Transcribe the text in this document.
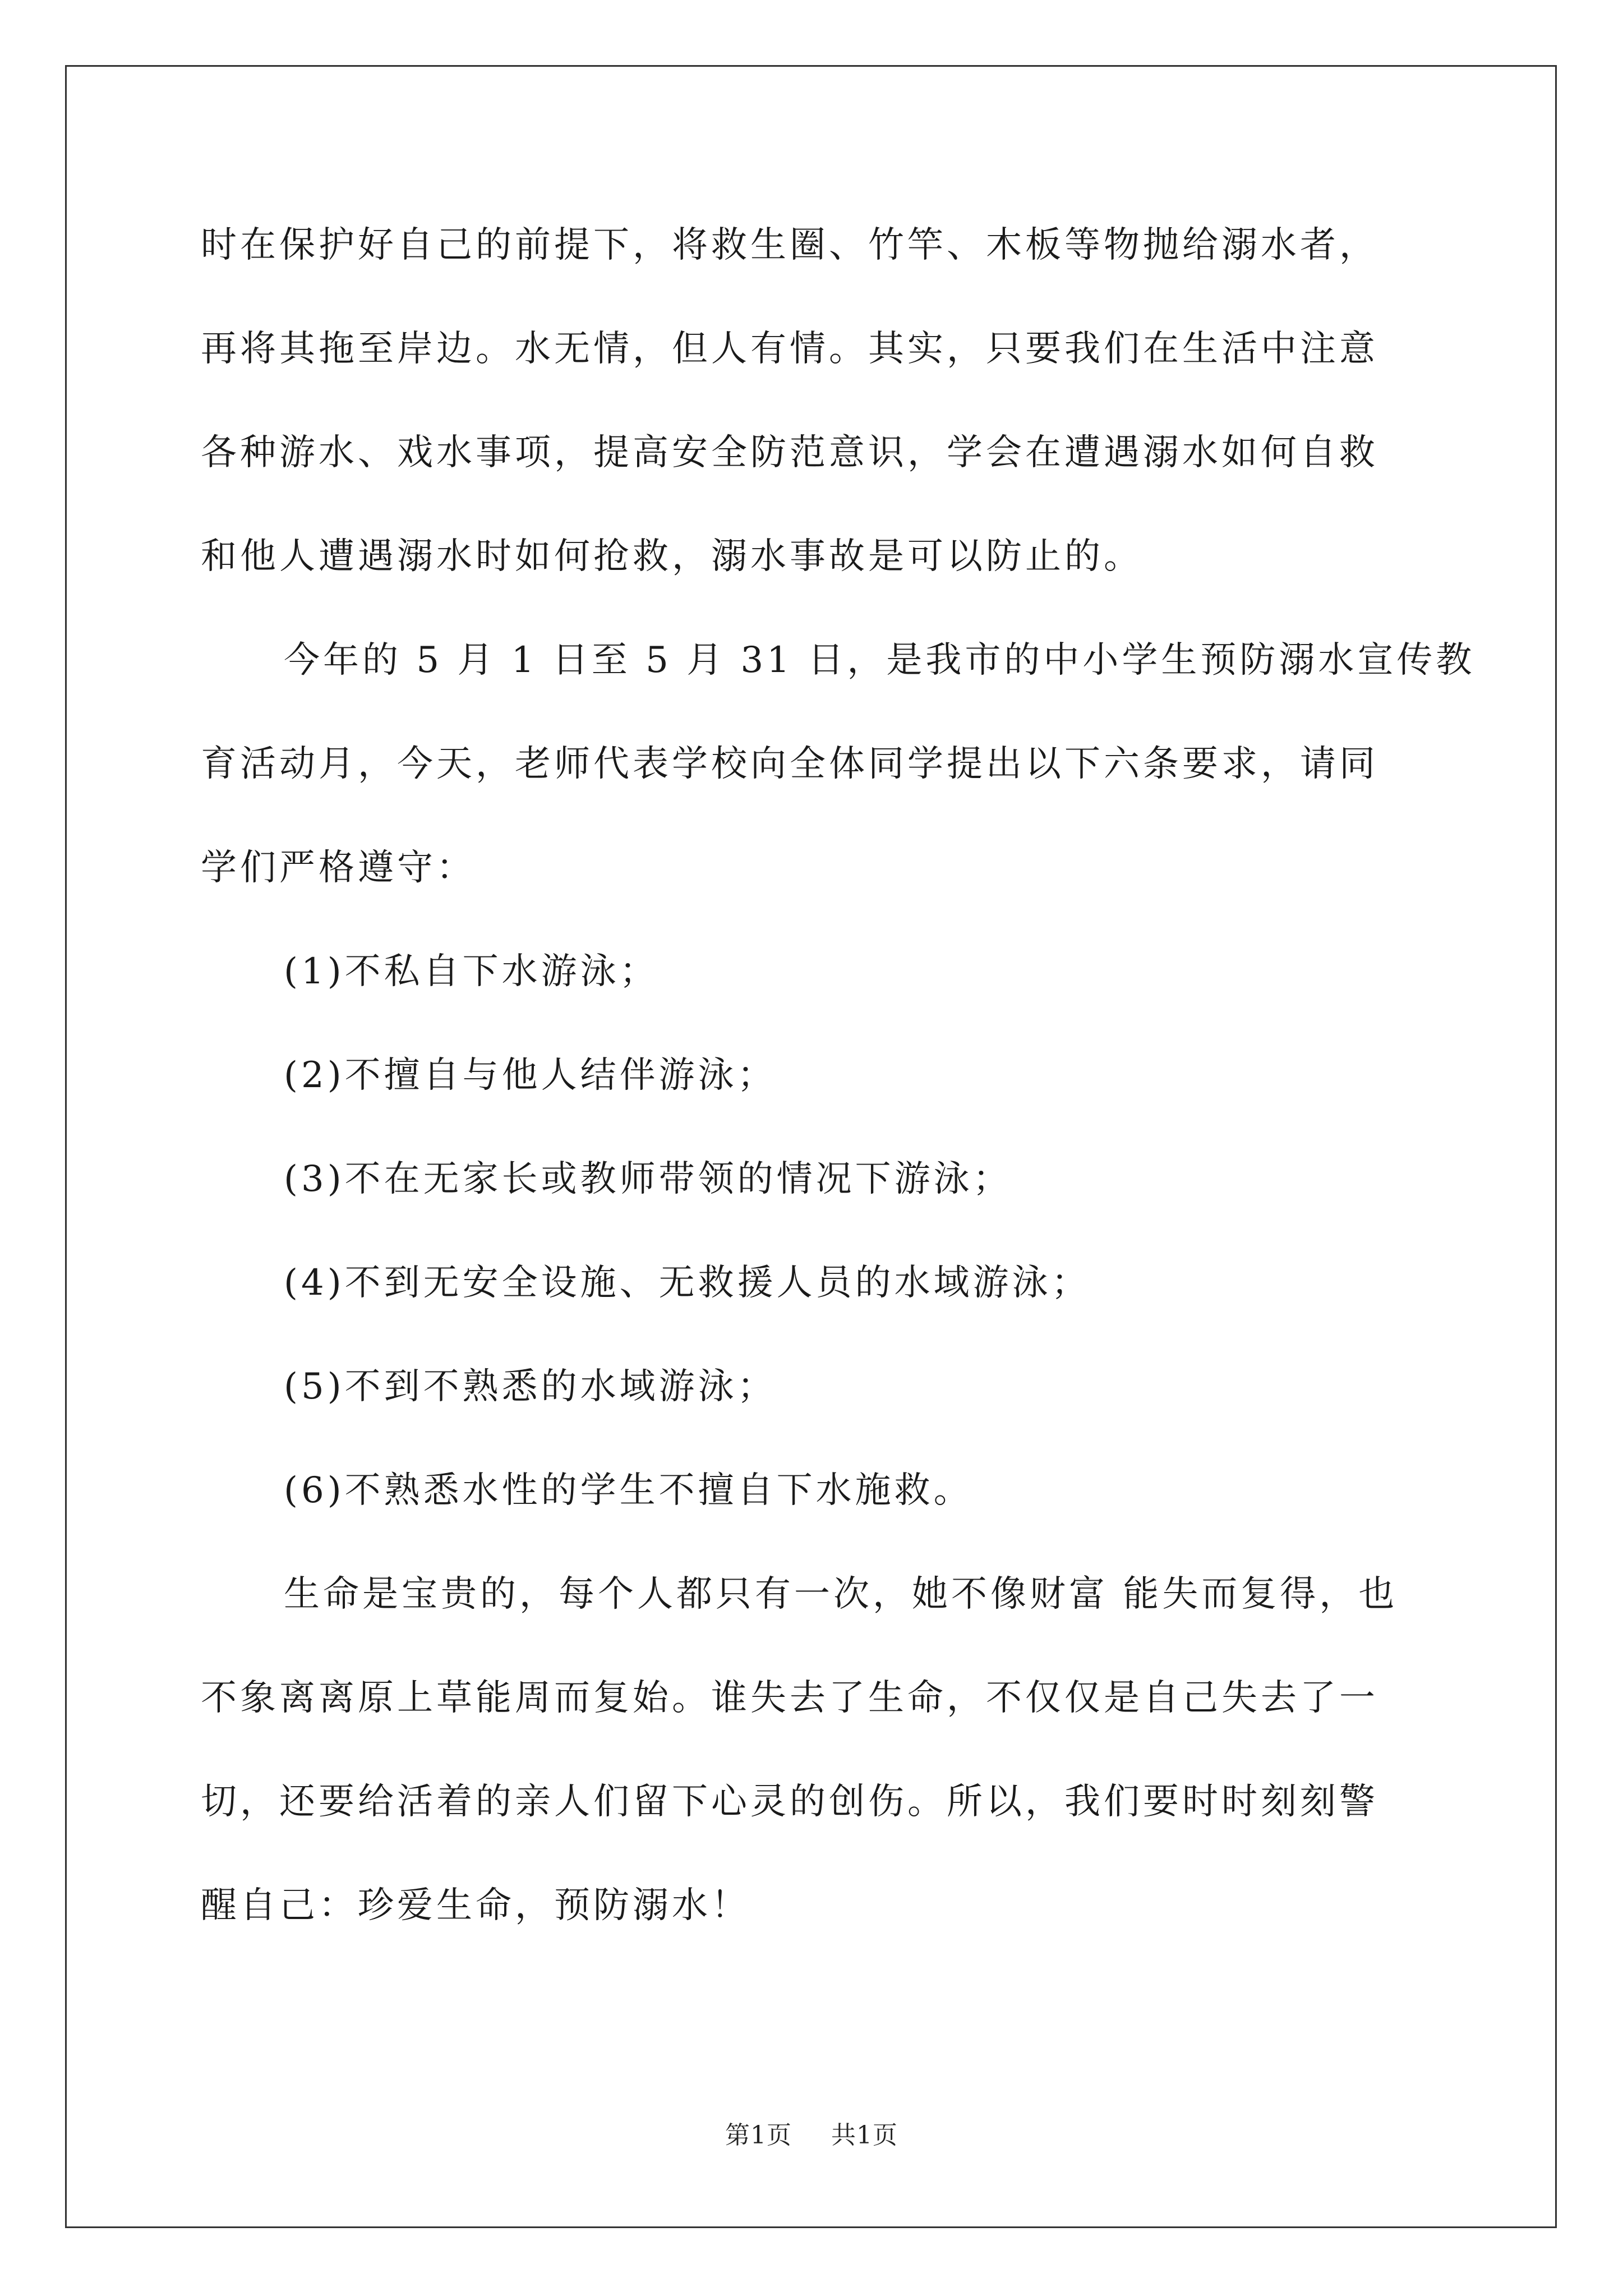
时在保护好自己的前提下，将救生圈、竹竿、木板等物抛给溺水者，
再将其拖至岸边。水无情，但人有情。其实，只要我们在生活中注意
各种游水、戏水事项，提高安全防范意识，学会在遭遇溺水如何自救
和他人遭遇溺水时如何抢救，溺水事故是可以防止的。
今年的 5 月 1 日至 5 月 31 日，是我市的中小学生预防溺水宣传教
育活动月，今天，老师代表学校向全体同学提出以下六条要求，请同
学们严格遵守：
(1)不私自下水游泳；
(2)不擅自与他人结伴游泳；
(3)不在无家长或教师带领的情况下游泳；
(4)不到无安全设施、无救援人员的水域游泳；
(5)不到不熟悉的水域游泳；
(6)不熟悉水性的学生不擅自下水施救。
生命是宝贵的，每个人都只有一次，她不像财富 能失而复得，也
不象离离原上草能周而复始。谁失去了生命，不仅仅是自己失去了一
切，还要给活着的亲人们留下心灵的创伤。所以，我们要时时刻刻警
醒自己：珍爱生命，预防溺水！
第1页 共1页
